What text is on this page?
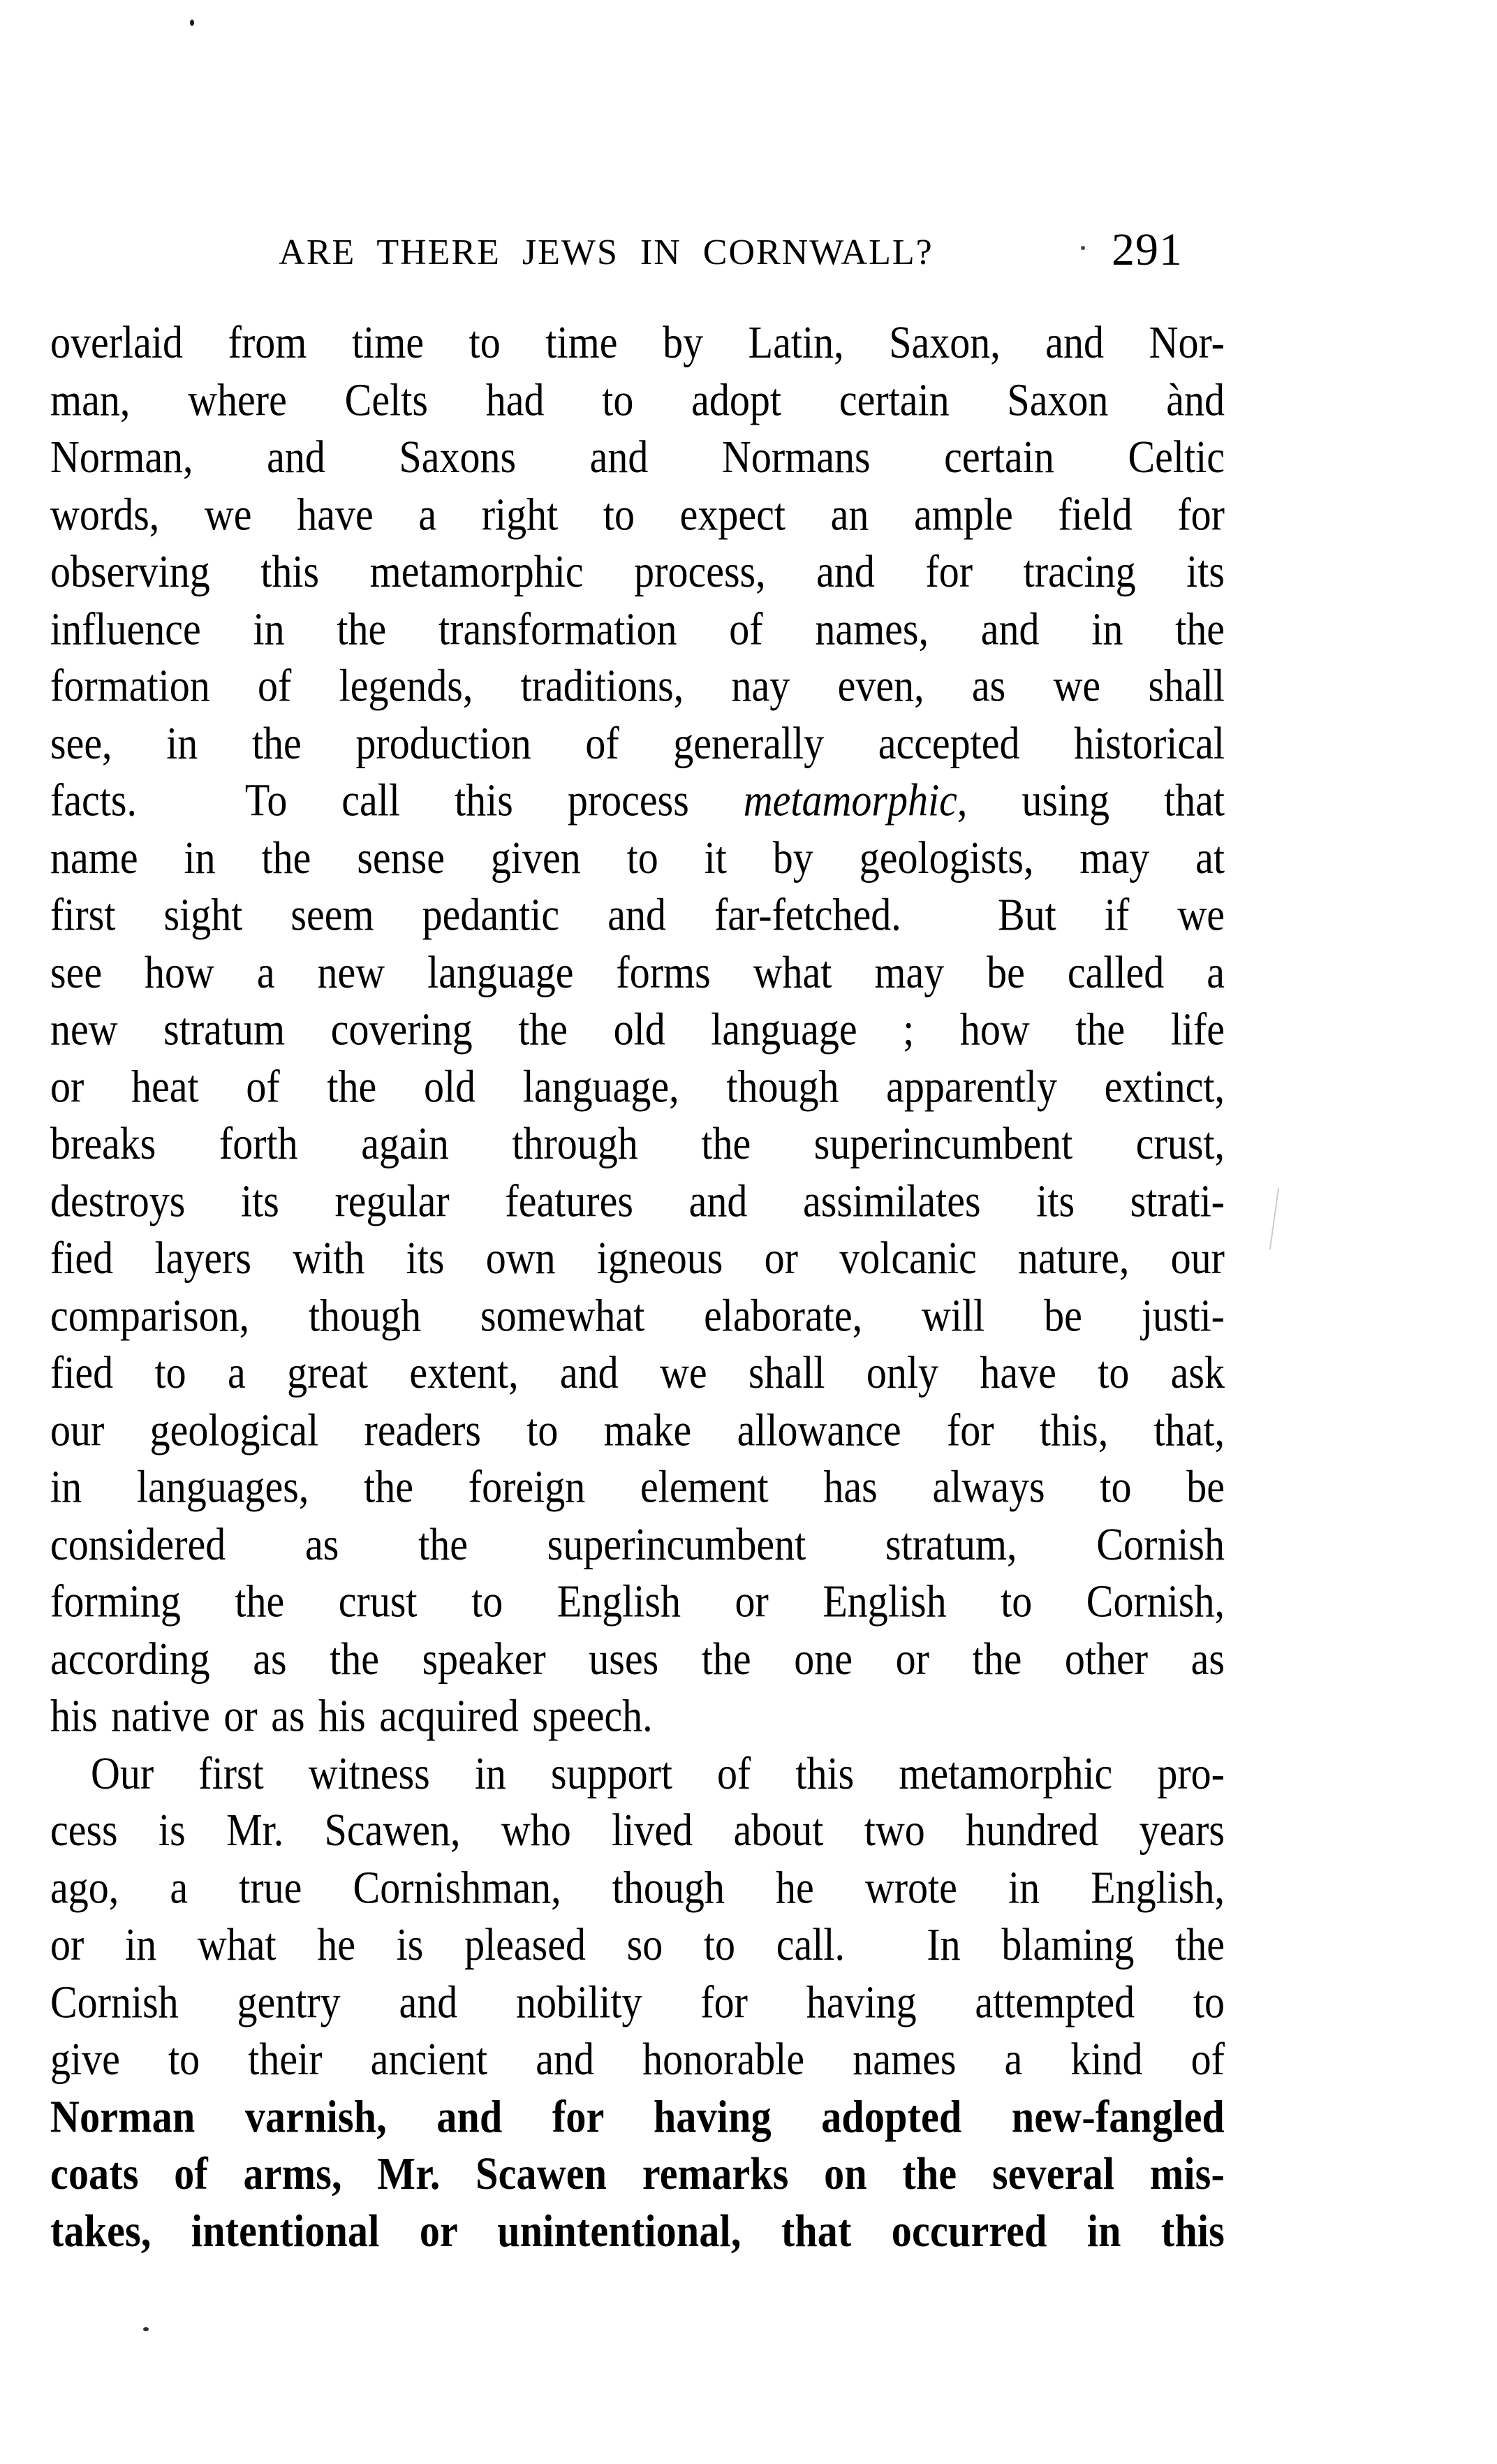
ARE THERE JEWS IN CORNWALL?	291
overlaid from time to time by Latin, Saxon, and Nor-
man, where Celts had to adopt certain Saxon ànd
Norman, and Saxons and Normans certain Celtic
words, we have a right to expect an ample field for
observing this metamorphic process, and for tracing its
influence in the transformation of names, and in the
formation of legends, traditions, nay even, as we shall
see, in the production of generally accepted historical
facts.  To call this process metamorphic, using that
name in the sense given to it by geologists, may at
first sight seem pedantic and far-fetched.  But if we
see how a new language forms what may be called a
new stratum covering the old language ; how the life
or heat of the old language, though apparently extinct,
breaks forth again through the superincumbent crust,
destroys its regular features and assimilates its strati-
fied layers with its own igneous or volcanic nature, our
comparison, though somewhat elaborate, will be justi-
fied to a great extent, and we shall only have to ask
our geological readers to make allowance for this, that,
in languages, the foreign element has always to be
considered as the superincumbent stratum, Cornish
forming the crust to English or English to Cornish,
according as the speaker uses the one or the other as
his native or as his acquired speech.
Our first witness in support of this metamorphic pro-
cess is Mr. Scawen, who lived about two hundred years
ago, a true Cornishman, though he wrote in English,
or in what he is pleased so to call.  In blaming the
Cornish gentry and nobility for having attempted to
give to their ancient and honorable names a kind of
Norman varnish, and for having adopted new-fangled
coats of arms, Mr. Scawen remarks on the several mis-
takes, intentional or unintentional, that occurred in this
